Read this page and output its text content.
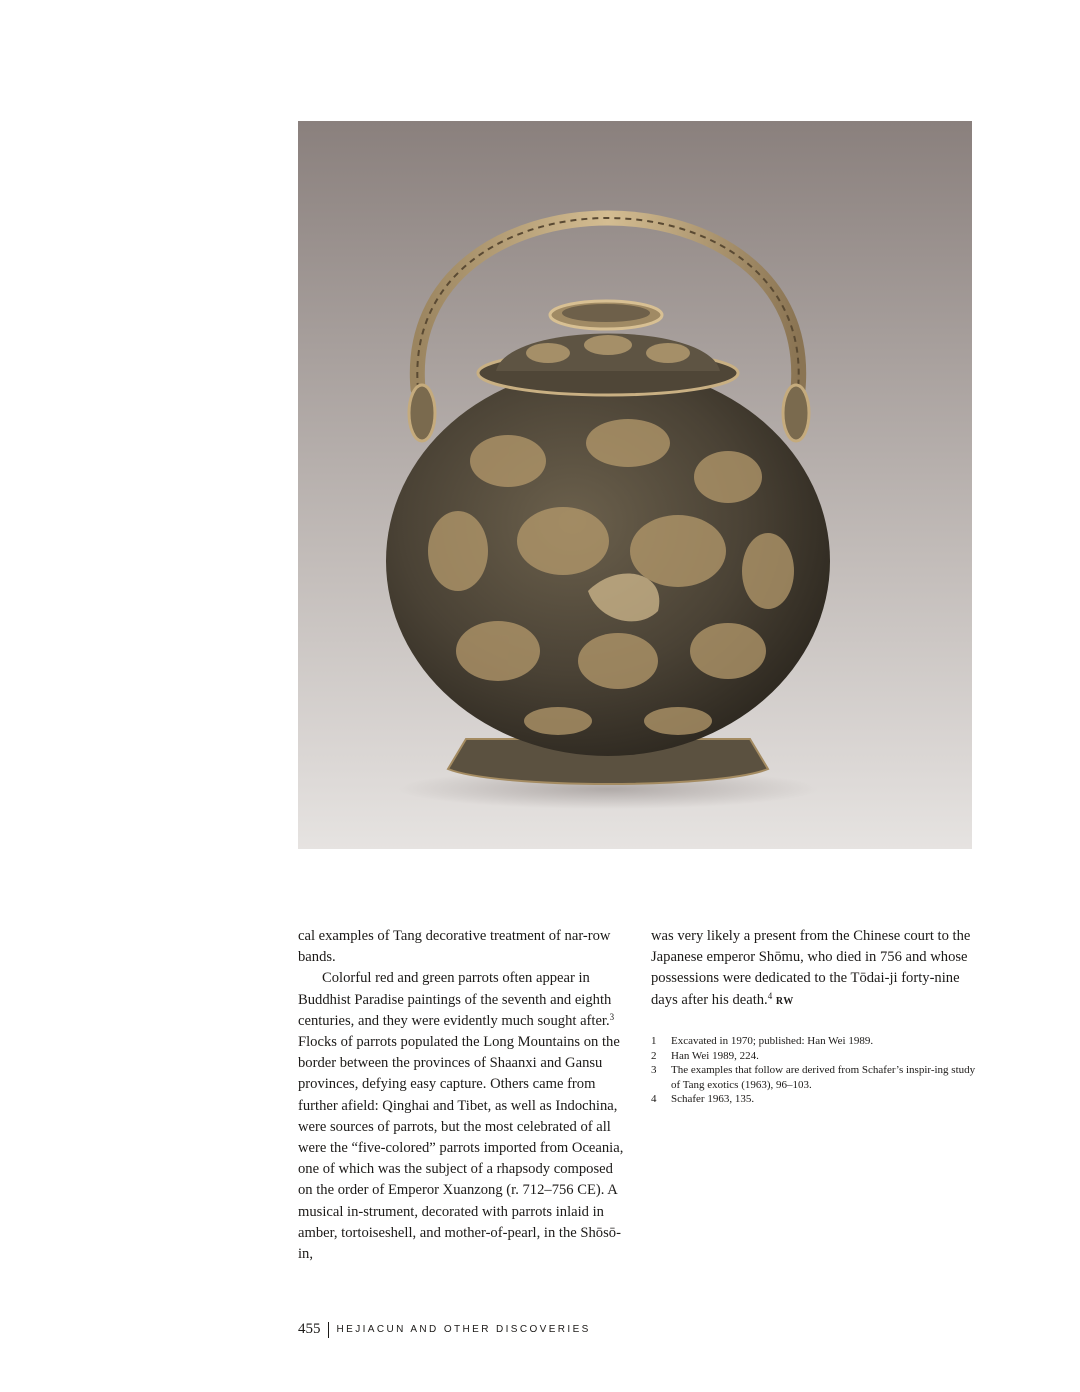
cal examples of Tang decorative treatment of nar-row bands.

Colorful red and green parrots often appear in Buddhist Paradise paintings of the seventh and eighth centuries, and they were evidently much sought after.$^3$ Flocks of parrots populated the Long Mountains on the border between the provinces of Shaanxi and Gansu provinces, defying easy capture. Others came from further afield: Qinghai and Tibet, as well as Indochina, were sources of parrots, but the most celebrated of all were the “five-colored” parrots imported from Oceania, one of which was the subject of a rhapsody composed on the order of Emperor Xuanzong (r. 712–756 CE). A musical in-strument, decorated with parrots inlaid in amber, tortoiseshell, and mother-of-pearl, in the Shōsō-in,

was very likely a present from the Chinese court to the Japanese emperor Shōmu, who died in 756 and whose possessions were dedicated to the Tōdai-ji forty-nine days after his death.$^4$ RW

1	Excavated in 1970; published: Han Wei 1989.
2	Han Wei 1989, 224.
3	The examples that follow are derived from Schafer’s inspir-ing study of Tang exotics (1963), 96–103.
4	Schafer 1963, 135.
455 HEJIACUN AND OTHER DISCOVERIES
